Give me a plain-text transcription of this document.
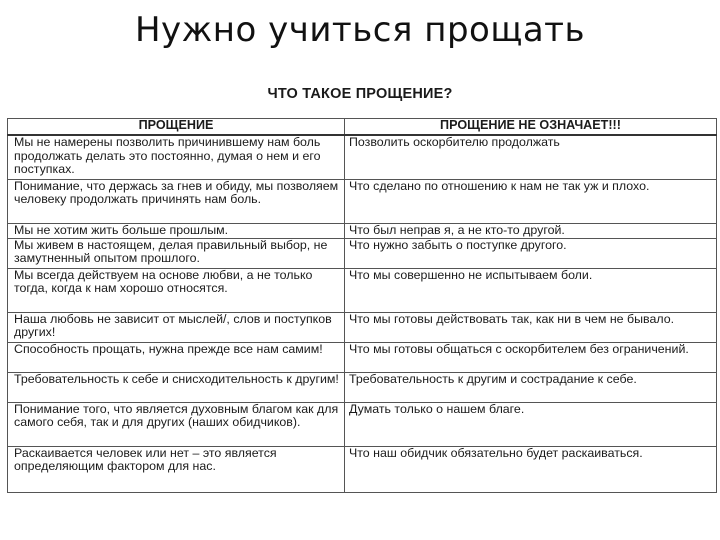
Нужно учиться прощать
ЧТО ТАКОЕ ПРОЩЕНИЕ?
ПРОЩЕНИЕ	ПРОЩЕНИЕ НЕ ОЗНАЧАЕТ!!!
Мы не намерены позволить причинившему нам боль продолжать делать это постоянно, думая о нем и его поступках.	Позволить оскорбителю продолжать
Понимание, что держась за гнев и обиду, мы позволяем человеку продолжать причинять нам боль.	Что сделано по отношению к нам не так уж и плохо.
Мы не хотим жить больше прошлым.	Что был неправ я, а не кто-то другой.
Мы живем в настоящем, делая правильный выбор, не замутненный опытом прошлого.	Что нужно забыть о поступке другого.
Мы всегда действуем на основе любви, а не только тогда, когда к нам хорошо относятся.	Что мы совершенно не испытываем боли.
Наша любовь не зависит от мыслей/, слов и поступков других!	Что мы готовы действовать так, как ни в чем не бывало.
Способность прощать, нужна прежде все нам самим!	Что мы готовы общаться с оскорбителем без ограничений.
Требовательность к себе и снисходительность к другим!	Требовательность к другим и сострадание к себе.
Понимание того, что является духовным благом как для самого себя, так и для других (наших обидчиков).	Думать только о нашем благе.
Раскаивается человек или нет – это является определяющим фактором для нас.	Что наш обидчик обязательно будет раскаиваться.
